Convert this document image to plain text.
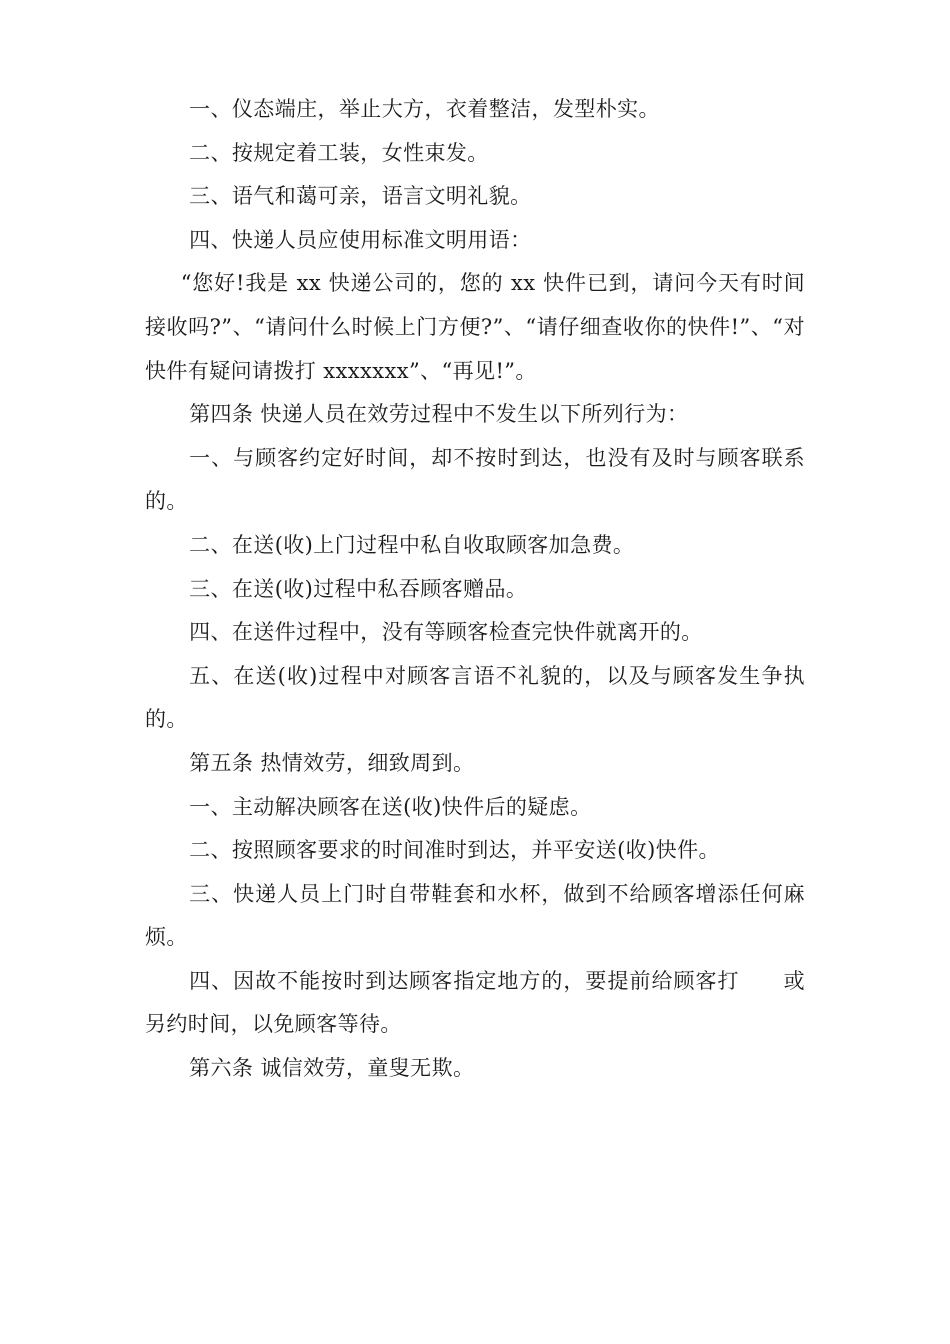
一、仪态端庄，举止大方，衣着整洁，发型朴实。

二、按规定着工装，女性束发。

三、语气和蔼可亲，语言文明礼貌。

四、快递人员应使用标准文明用语：

“您好!我是 xx 快递公司的，您的 xx 快件已到，请问今天有时间接收吗?”、“请问什么时候上门方便?”、“请仔细查收你的快件!”、“对快件有疑问请拨打 xxxxxxx”、“再见!”。

第四条 快递人员在效劳过程中不发生以下所列行为：

一、与顾客约定好时间，却不按时到达，也没有及时与顾客联系的。

二、在送(收)上门过程中私自收取顾客加急费。

三、在送(收)过程中私吞顾客赠品。

四、在送件过程中，没有等顾客检查完快件就离开的。

五、在送(收)过程中对顾客言语不礼貌的，以及与顾客发生争执的。

第五条 热情效劳，细致周到。

一、主动解决顾客在送(收)快件后的疑虑。

二、按照顾客要求的时间准时到达，并平安送(收)快件。

三、快递人员上门时自带鞋套和水杯，做到不给顾客增添任何麻烦。

四、因故不能按时到达顾客指定地方的，要提前给顾客打　　或另约时间，以免顾客等待。

第六条 诚信效劳，童叟无欺。
